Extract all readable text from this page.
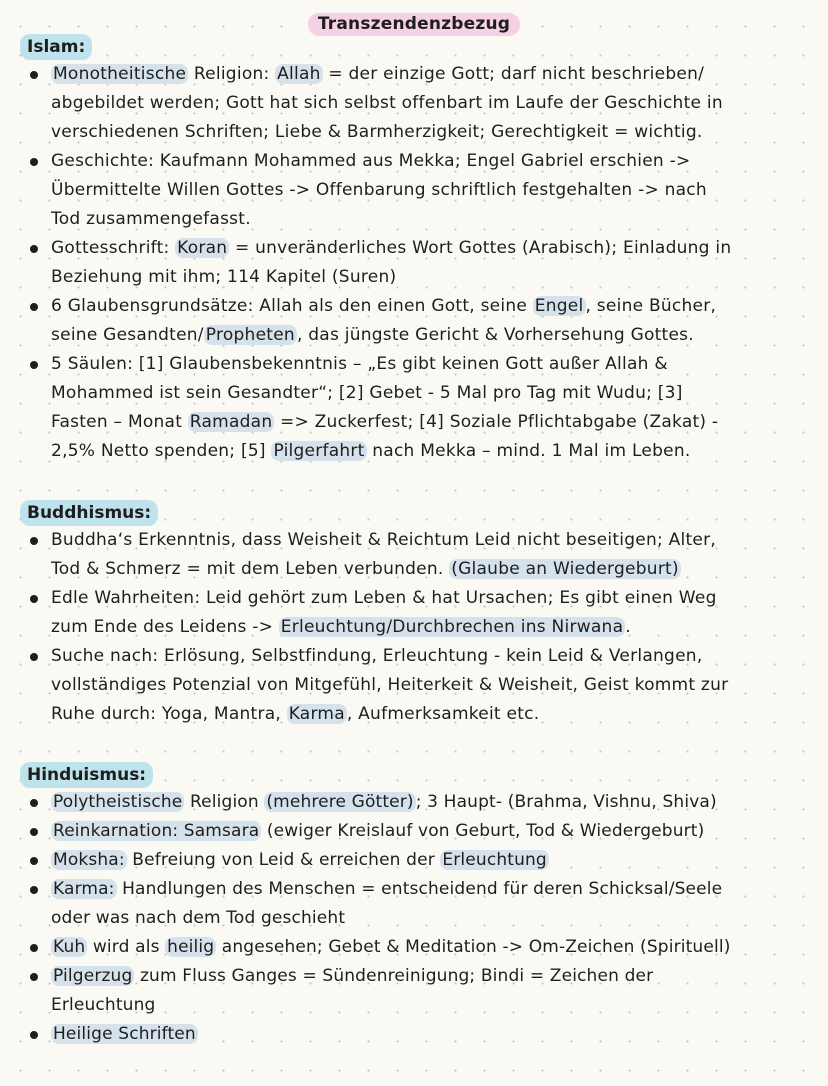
Transzendenzbezug
Islam:
Monotheitische Religion: Allah = der einzige Gott; darf nicht beschrieben/
abgebildet werden; Gott hat sich selbst offenbart im Laufe der Geschichte in
verschiedenen Schriften; Liebe & Barmherzigkeit; Gerechtigkeit = wichtig.
Geschichte: Kaufmann Mohammed aus Mekka; Engel Gabriel erschien ->
Übermittelte Willen Gottes -> Offenbarung schriftlich festgehalten -> nach
Tod zusammengefasst.
Gottesschrift: Koran = unveränderliches Wort Gottes (Arabisch); Einladung in
Beziehung mit ihm; 114 Kapitel (Suren)
6 Glaubensgrundsätze: Allah als den einen Gott, seine Engel , seine Bücher,
seine Gesandten/ Propheten , das jüngste Gericht & Vorhersehung Gottes.
5 Säulen: [1] Glaubensbekenntnis – „Es gibt keinen Gott außer Allah &
Mohammed ist sein Gesandter“; [2] Gebet - 5 Mal pro Tag mit Wudu; [3]
Fasten – Monat Ramadan => Zuckerfest; [4] Soziale Pflichtabgabe (Zakat) -
2,5% Netto spenden; [5] Pilgerfahrt nach Mekka – mind. 1 Mal im Leben.
Buddhismus:
Buddha‘s Erkenntnis, dass Weisheit & Reichtum Leid nicht beseitigen; Alter,
Tod & Schmerz = mit dem Leben verbunden. (Glaube an Wiedergeburt)
Edle Wahrheiten: Leid gehört zum Leben & hat Ursachen; Es gibt einen Weg
zum Ende des Leidens -> Erleuchtung/Durchbrechen ins Nirwana .
Suche nach: Erlösung, Selbstfindung, Erleuchtung - kein Leid & Verlangen,
vollständiges Potenzial von Mitgefühl, Heiterkeit & Weisheit, Geist kommt zur
Ruhe durch: Yoga, Mantra, Karma , Aufmerksamkeit etc.
Hinduismus:
Polytheistische Religion (mehrere Götter) ; 3 Haupt- (Brahma, Vishnu, Shiva)
Reinkarnation: Samsara (ewiger Kreislauf von Geburt, Tod & Wiedergeburt)
Moksha: Befreiung von Leid & erreichen der Erleuchtung
Karma: Handlungen des Menschen = entscheidend für deren Schicksal/Seele
oder was nach dem Tod geschieht
Kuh wird als heilig angesehen; Gebet & Meditation -> Om-Zeichen (Spirituell)
Pilgerzug zum Fluss Ganges = Sündenreinigung; Bindi = Zeichen der
Erleuchtung
Heilige Schriften
